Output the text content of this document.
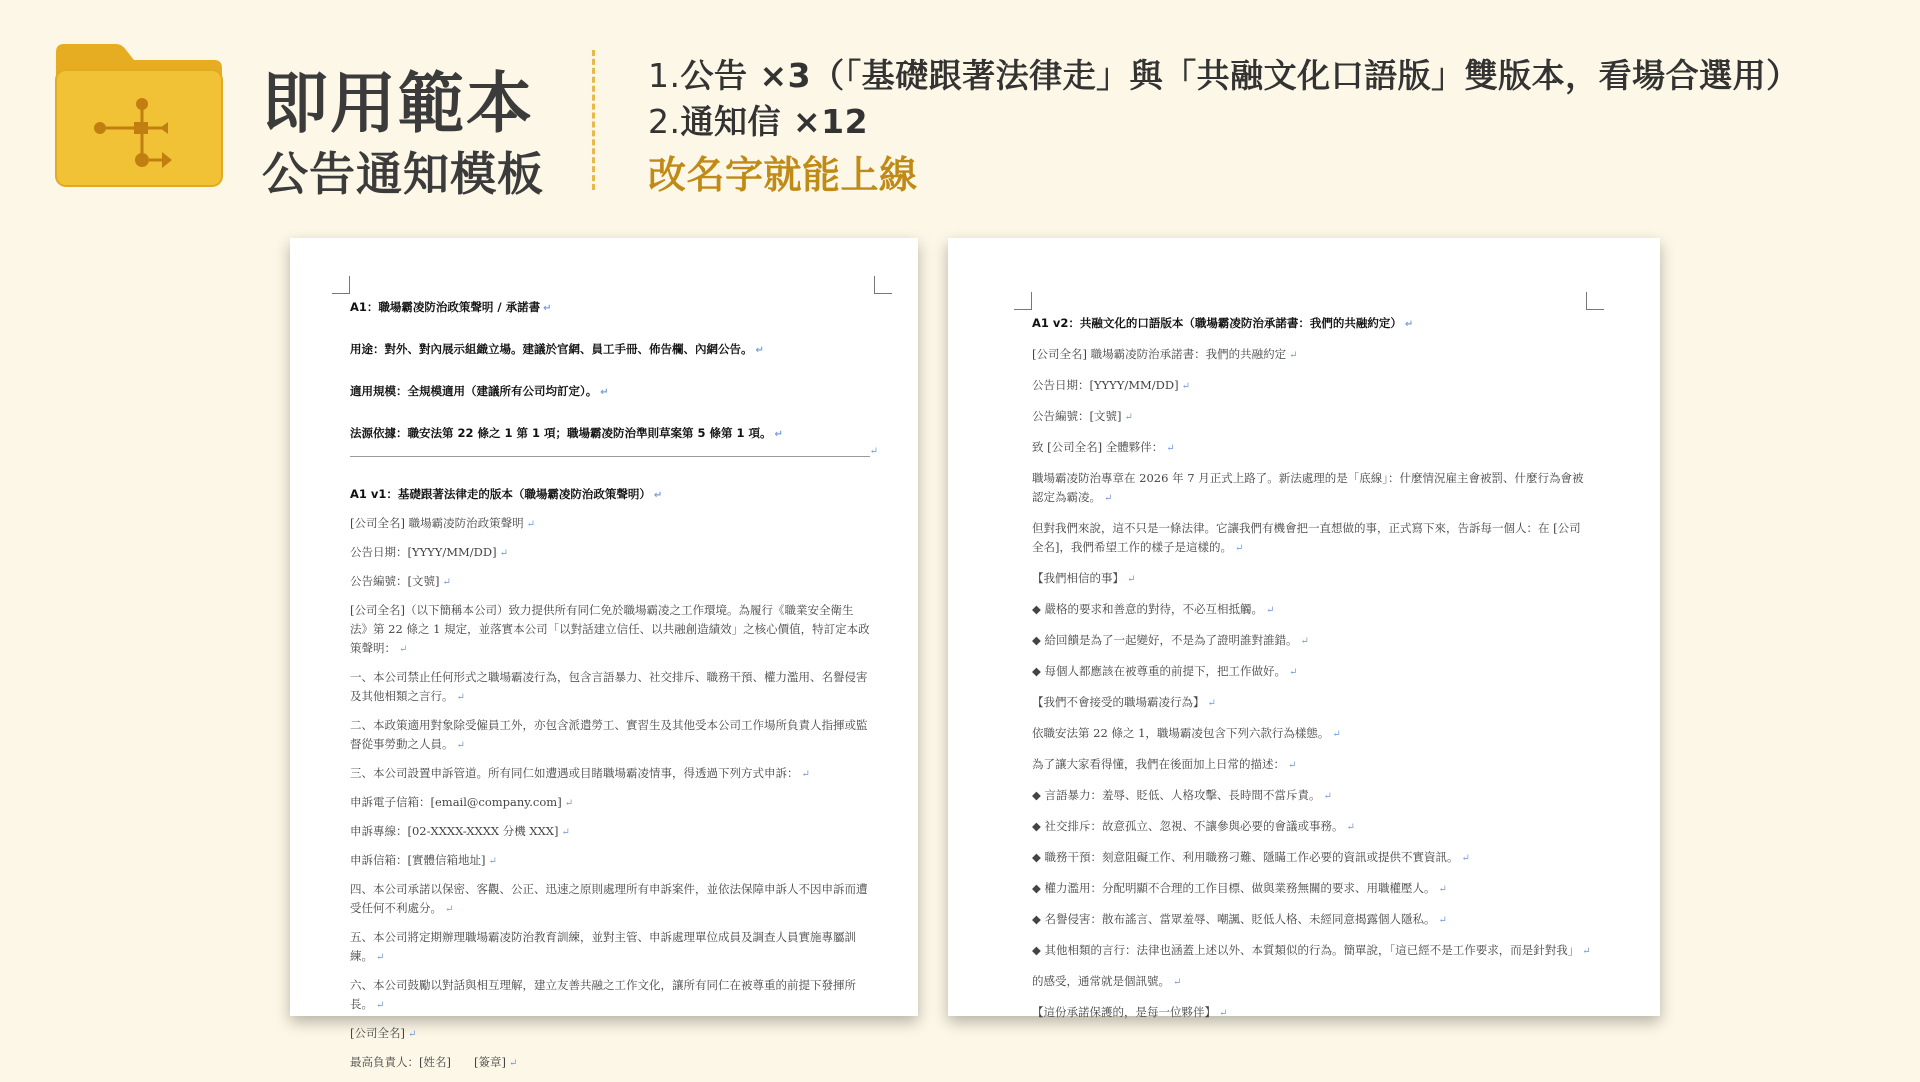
即用範本
公告通知模板
1.公告 ×3（「基礎跟著法律走」與「共融文化口語版」雙版本，看場合選用）
2.通知信 ×12
改名字就能上線
A1：職場霸凌防治政策聲明 / 承諾書 ↵
用途：對外、對內展示組織立場。建議於官網、員工手冊、佈告欄、內網公告。 ↵
適用規模：全規模適用（建議所有公司均訂定）。 ↵
法源依據：職安法第 22 條之 1 第 1 項；職場霸凌防治準則草案第 5 條第 1 項。 ↵
↵
A1 v1：基礎跟著法律走的版本（職場霸凌防治政策聲明） ↵
[公司全名] 職場霸凌防治政策聲明 ↵
公告日期：[YYYY/MM/DD] ↵
公告編號：[文號] ↵
[公司全名]（以下簡稱本公司）致力提供所有同仁免於職場霸凌之工作環境。為履行《職業安全衛生法》第 22 條之 1 規定，並落實本公司「以對話建立信任、以共融創造績效」之核心價值，特訂定本政策聲明： ↵
一、本公司禁止任何形式之職場霸凌行為，包含言語暴力、社交排斥、職務干預、權力濫用、名譽侵害及其他相類之言行。 ↵
二、本政策適用對象除受僱員工外，亦包含派遣勞工、實習生及其他受本公司工作場所負責人指揮或監督從事勞動之人員。 ↵
三、本公司設置申訴管道。所有同仁如遭遇或目睹職場霸凌情事，得透過下列方式申訴： ↵
申訴電子信箱：[email@company.com] ↵
申訴專線：[02-XXXX-XXXX 分機 XXX] ↵
申訴信箱：[實體信箱地址] ↵
四、本公司承諾以保密、客觀、公正、迅速之原則處理所有申訴案件，並依法保障申訴人不因申訴而遭受任何不利處分。 ↵
五、本公司將定期辦理職場霸凌防治教育訓練，並對主管、申訴處理單位成員及調查人員實施專屬訓練。 ↵
六、本公司鼓勵以對話與相互理解，建立友善共融之工作文化，讓所有同仁在被尊重的前提下發揮所長。 ↵
[公司全名] ↵
最高負責人：[姓名]　　[簽章] ↵
A1 v2：共融文化的口語版本（職場霸凌防治承諾書：我們的共融約定） ↵
[公司全名] 職場霸凌防治承諾書：我們的共融約定 ↵
公告日期：[YYYY/MM/DD] ↵
公告編號：[文號] ↵
致 [公司全名] 全體夥伴： ↵
職場霸凌防治專章在 2026 年 7 月正式上路了。新法處理的是「底線」：什麼情況雇主會被罰、什麼行為會被認定為霸凌。 ↵
但對我們來說，這不只是一條法律。它讓我們有機會把一直想做的事，正式寫下來，告訴每一個人：在 [公司全名]，我們希望工作的樣子是這樣的。 ↵
【我們相信的事】 ↵
◆ 嚴格的要求和善意的對待，不必互相抵觸。 ↵
◆ 給回饋是為了一起變好，不是為了證明誰對誰錯。 ↵
◆ 每個人都應該在被尊重的前提下，把工作做好。 ↵
【我們不會接受的職場霸凌行為】 ↵
依職安法第 22 條之 1，職場霸凌包含下列六款行為樣態。 ↵
為了讓大家看得懂，我們在後面加上日常的描述： ↵
◆ 言語暴力：羞辱、貶低、人格攻擊、長時間不當斥責。 ↵
◆ 社交排斥：故意孤立、忽視、不讓參與必要的會議或事務。 ↵
◆ 職務干預：刻意阻礙工作、利用職務刁難、隱瞞工作必要的資訊或提供不實資訊。 ↵
◆ 權力濫用：分配明顯不合理的工作目標、做與業務無關的要求、用職權壓人。 ↵
◆ 名譽侵害：散布謠言、當眾羞辱、嘲諷、貶低人格、未經同意揭露個人隱私。 ↵
◆ 其他相類的言行：法律也涵蓋上述以外、本質類似的行為。簡單說，「這已經不是工作要求，而是針對我」 ↵
的感受，通常就是個訊號。 ↵
【這份承諾保護的，是每一位夥伴】 ↵
